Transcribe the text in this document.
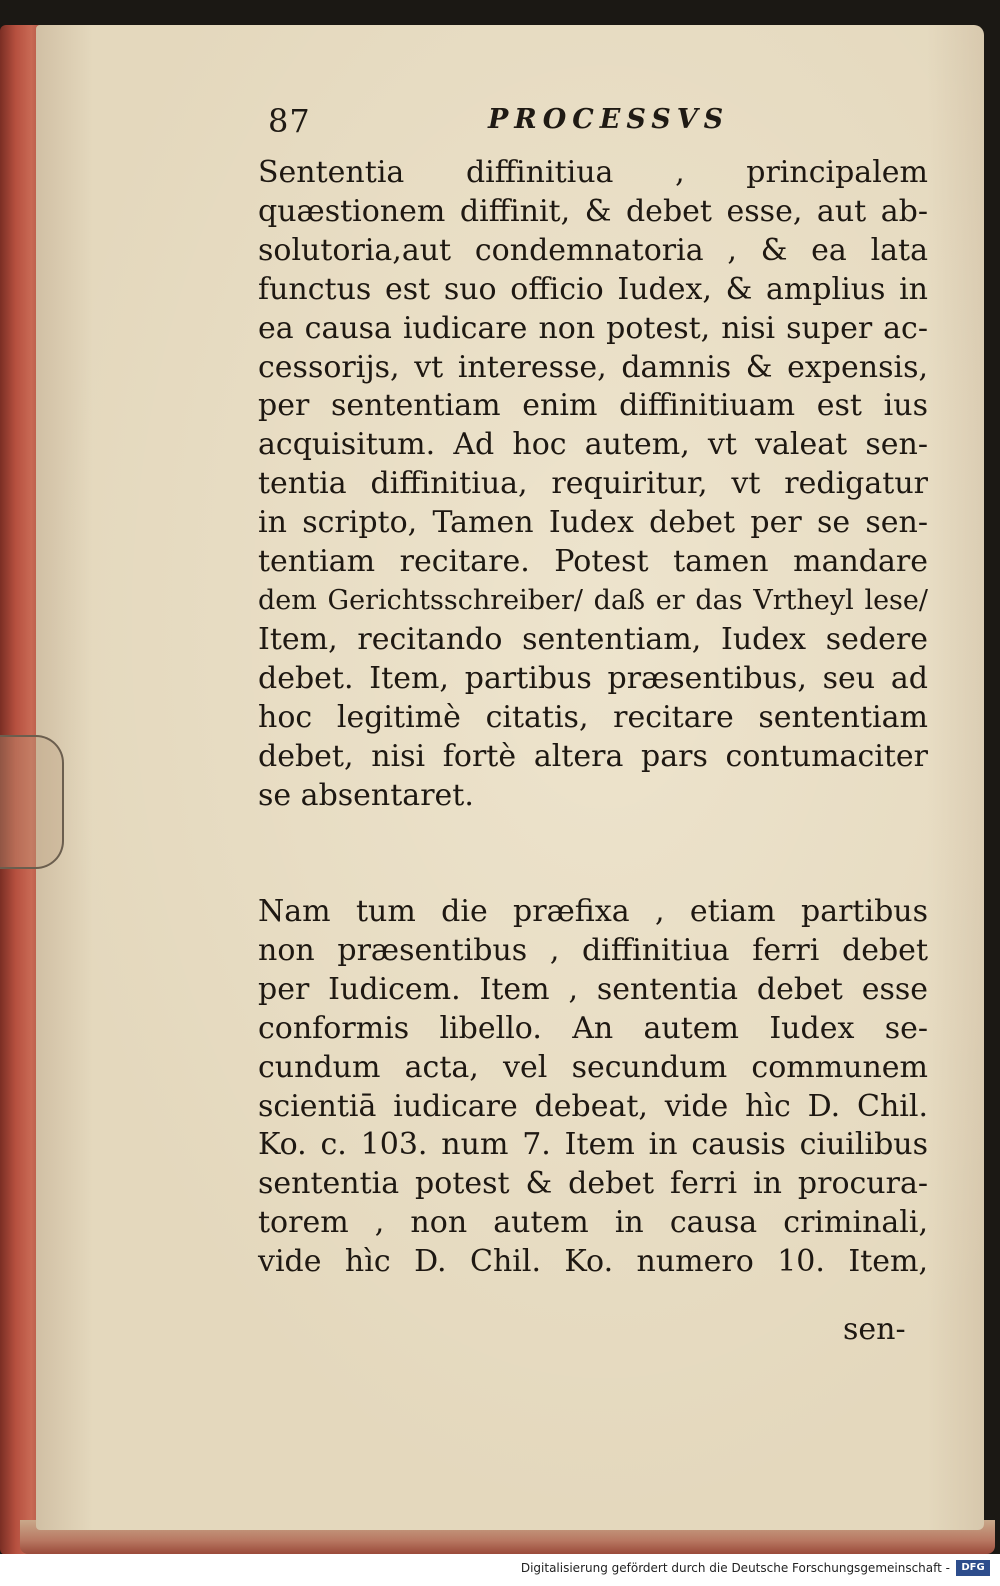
87	PROCESSVS
Sententia diffinitiua , principalem
quæstionem diffinit, & debet esse, aut ab-
solutoria,aut condemnatoria , & ea lata
functus est suo officio Iudex, & amplius in
ea causa iudicare non potest, nisi super ac-
cessorijs, vt interesse, damnis & expensis,
per sententiam enim diffinitiuam est ius
acquisitum. Ad hoc autem, vt valeat sen-
tentia diffinitiua, requiritur, vt redigatur
in scripto, Tamen Iudex debet per se sen-
tentiam recitare. Potest tamen mandare
dem Gerichtsschreiber/ daß er das Vrtheyl lese/
Item, recitando sententiam, Iudex sedere
debet. Item, partibus præsentibus, seu ad
hoc legitimè citatis, recitare sententiam
debet, nisi fortè altera pars contumaciter
se absentaret.
Nam tum die præfixa , etiam partibus
non præsentibus , diffinitiua ferri debet
per Iudicem. Item , sententia debet esse
conformis libello. An autem Iudex se-
cundum acta, vel secundum communem
scientiā iudicare debeat, vide hìc D. Chil.
Ko. c. 103. num 7. Item in causis ciuilibus
sententia potest & debet ferri in procura-
torem , non autem in causa criminali,
vide hìc D. Chil. Ko. numero 10. Item,
sen-
Digitalisierung gefördert durch die Deutsche Forschungsgemeinschaft -	DFG
